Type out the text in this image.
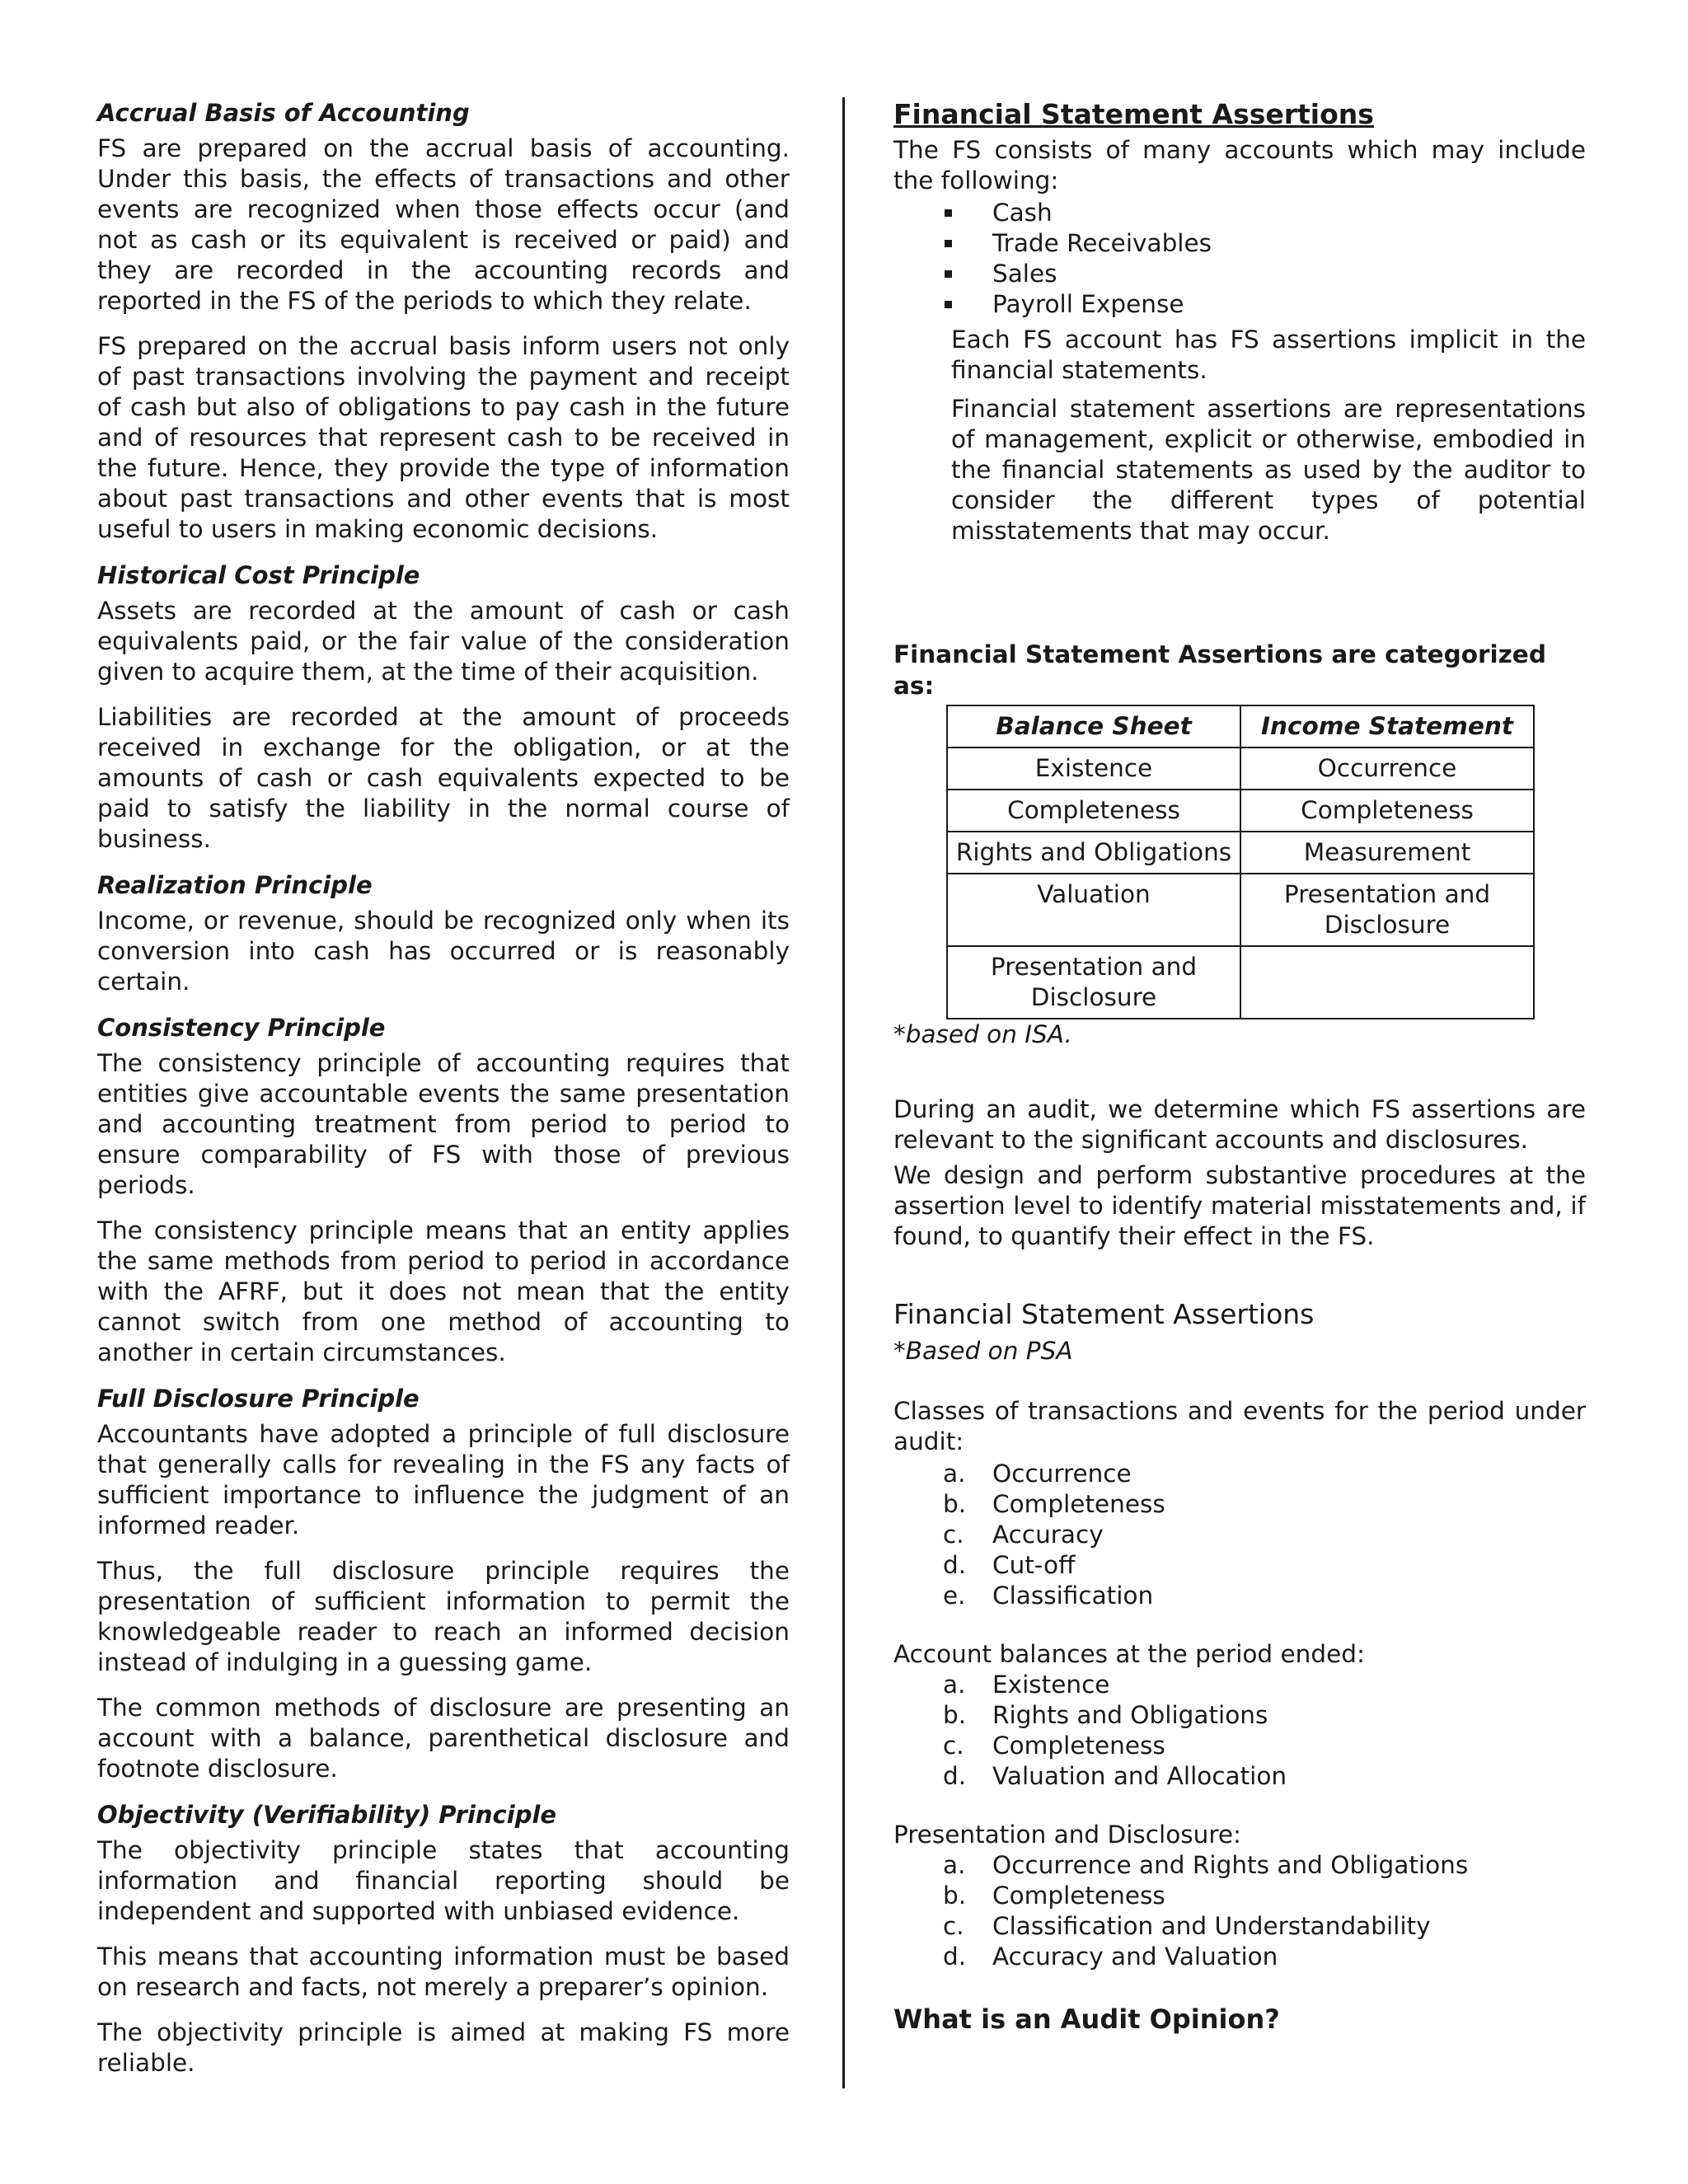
Accrual Basis of Accounting

FS are prepared on the accrual basis of accounting. Under this basis, the effects of transactions and other events are recognized when those effects occur (and not as cash or its equivalent is received or paid) and they are recorded in the accounting records and reported in the FS of the periods to which they relate.

FS prepared on the accrual basis inform users not only of past transactions involving the payment and receipt of cash but also of obligations to pay cash in the future and of resources that represent cash to be received in the future. Hence, they provide the type of information about past transactions and other events that is most useful to users in making economic decisions.

Historical Cost Principle

Assets are recorded at the amount of cash or cash equivalents paid, or the fair value of the consideration given to acquire them, at the time of their acquisition.

Liabilities are recorded at the amount of proceeds received in exchange for the obligation, or at the amounts of cash or cash equivalents expected to be paid to satisfy the liability in the normal course of business.

Realization Principle

Income, or revenue, should be recognized only when its conversion into cash has occurred or is reasonably certain.

Consistency Principle

The consistency principle of accounting requires that entities give accountable events the same presentation and accounting treatment from period to period to ensure comparability of FS with those of previous periods.

The consistency principle means that an entity applies the same methods from period to period in accordance with the AFRF, but it does not mean that the entity cannot switch from one method of accounting to another in certain circumstances.

Full Disclosure Principle

Accountants have adopted a principle of full disclosure that generally calls for revealing in the FS any facts of sufficient importance to influence the judgment of an informed reader.

Thus, the full disclosure principle requires the presentation of sufficient information to permit the knowledgeable reader to reach an informed decision instead of indulging in a guessing game.

The common methods of disclosure are presenting an account with a balance, parenthetical disclosure and footnote disclosure.

Objectivity (Verifiability) Principle

The objectivity principle states that accounting information and financial reporting should be independent and supported with unbiased evidence.

This means that accounting information must be based on research and facts, not merely a preparer’s opinion.

The objectivity principle is aimed at making FS more reliable.

Financial Statement Assertions

The FS consists of many accounts which may include the following:

Cash
Trade Receivables
Sales
Payroll Expense

Each FS account has FS assertions implicit in the financial statements.

Financial statement assertions are representations of management, explicit or otherwise, embodied in the financial statements as used by the auditor to consider the different types of potential misstatements that may occur.

Financial Statement Assertions are categorized as:
Balance Sheet	Income Statement
Existence	Occurrence
Completeness	Completeness
Rights and Obligations	Measurement
Valuation	Presentation and Disclosure
Presentation and Disclosure	

*based on ISA.

During an audit, we determine which FS assertions are relevant to the significant accounts and disclosures.

We design and perform substantive procedures at the assertion level to identify material misstatements and, if found, to quantify their effect in the FS.

Financial Statement Assertions

*Based on PSA

Classes of transactions and events for the period under audit:

a. Occurrence
b. Completeness
c. Accuracy
d. Cut-off
e. Classification

Account balances at the period ended:

a. Existence
b. Rights and Obligations
c. Completeness
d. Valuation and Allocation

Presentation and Disclosure:

a. Occurrence and Rights and Obligations
b. Completeness
c. Classification and Understandability
d. Accuracy and Valuation

What is an Audit Opinion?
